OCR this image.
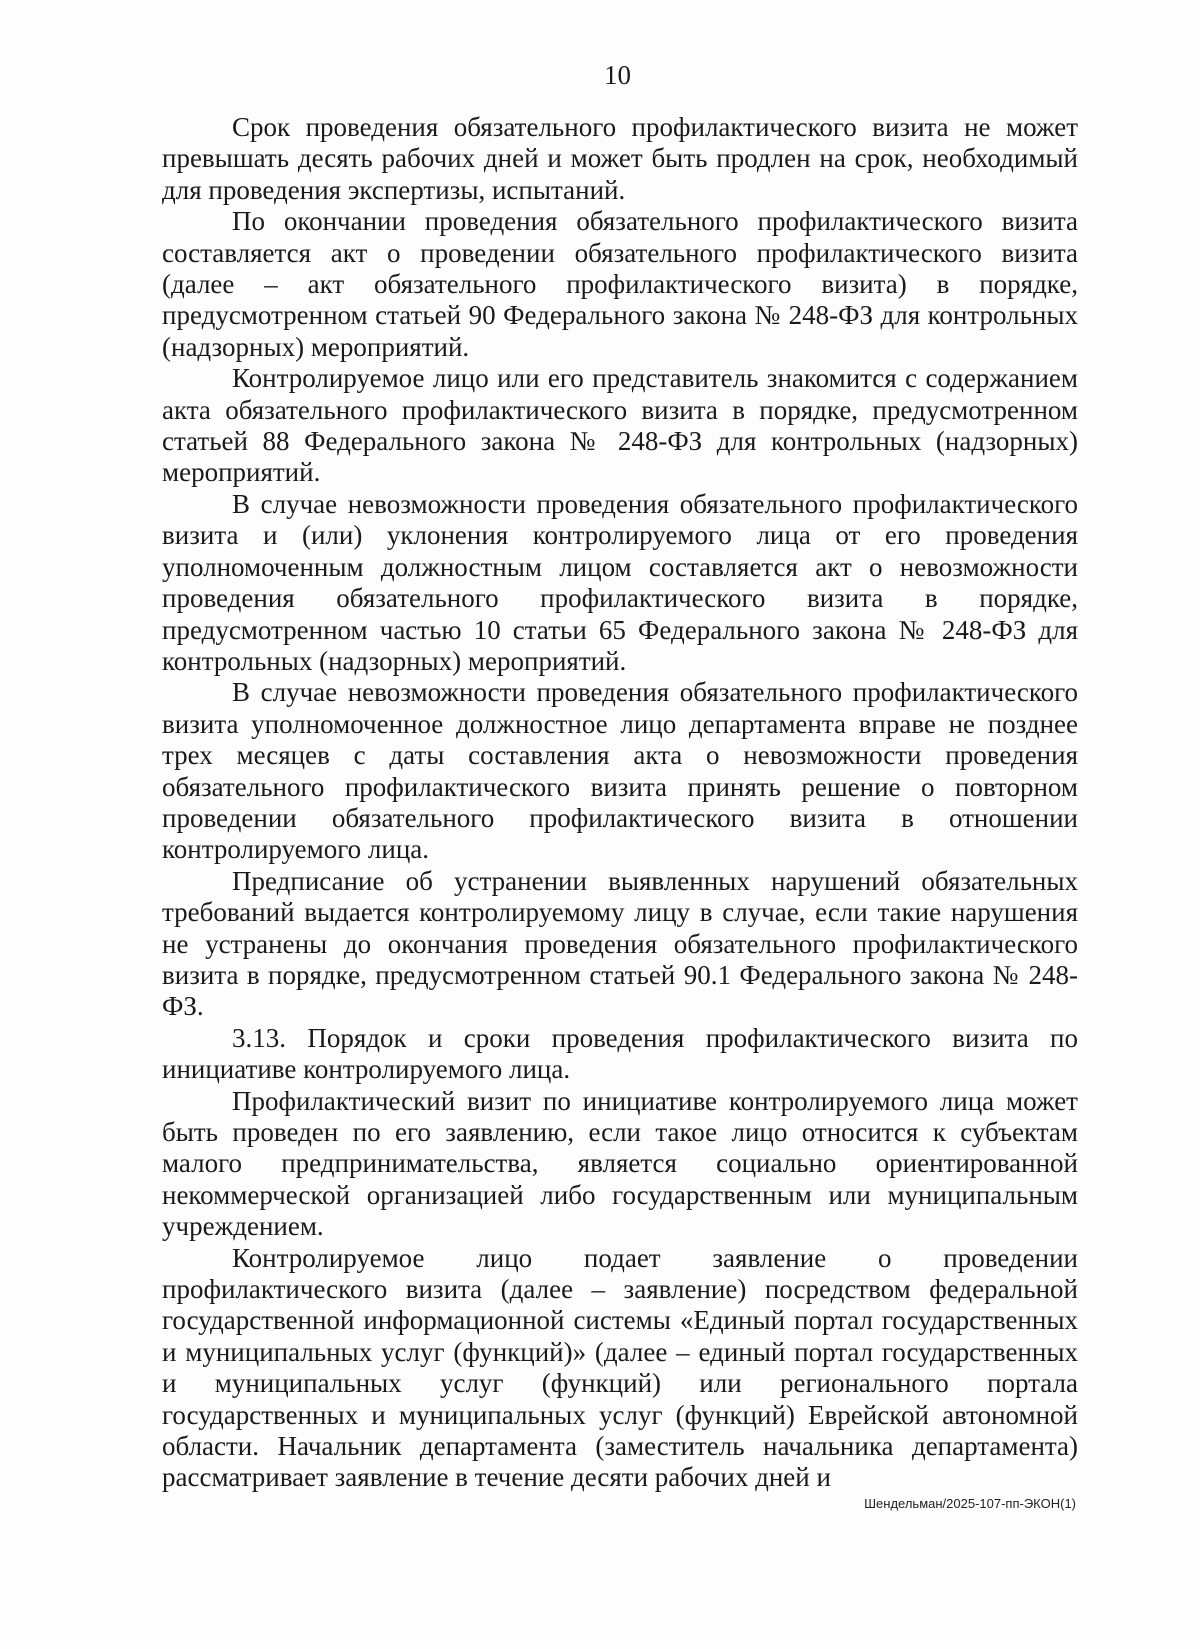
10

Срок проведения обязательного профилактического визита не может превышать десять рабочих дней и может быть продлен на срок, необходимый для проведения экспертизы, испытаний.

По окончании проведения обязательного профилактического визита составляется акт о проведении обязательного профилактического визита (далее – акт обязательного профилактического визита) в порядке, предусмотренном статьей 90 Федерального закона № 248-ФЗ для контрольных (надзорных) мероприятий.

Контролируемое лицо или его представитель знакомится с содержанием акта обязательного профилактического визита в порядке, предусмотренном статьей 88 Федерального закона № 248-ФЗ для контрольных (надзорных) мероприятий.

В случае невозможности проведения обязательного профилактического визита и (или) уклонения контролируемого лица от его проведения уполномоченным должностным лицом составляется акт о невозможности проведения обязательного профилактического визита в порядке, предусмотренном частью 10 статьи 65 Федерального закона № 248-ФЗ для контрольных (надзорных) мероприятий.

В случае невозможности проведения обязательного профилактического визита уполномоченное должностное лицо департамента вправе не позднее трех месяцев с даты составления акта о невозможности проведения обязательного профилактического визита принять решение о повторном проведении обязательного профилактического визита в отношении контролируемого лица.

Предписание об устранении выявленных нарушений обязательных требований выдается контролируемому лицу в случае, если такие нарушения не устранены до окончания проведения обязательного профилактического визита в порядке, предусмотренном статьей 90.1 Федерального закона № 248-ФЗ.

3.13. Порядок и сроки проведения профилактического визита по инициативе контролируемого лица.

Профилактический визит по инициативе контролируемого лица может быть проведен по его заявлению, если такое лицо относится к субъектам малого предпринимательства, является социально ориентированной некоммерческой организацией либо государственным или муниципальным учреждением.

Контролируемое лицо подает заявление о проведении профилактического визита (далее – заявление) посредством федеральной государственной информационной системы «Единый портал государственных и муниципальных услуг (функций)» (далее – единый портал государственных и муниципальных услуг (функций) или регионального портала государственных и муниципальных услуг (функций) Еврейской автономной области. Начальник департамента (заместитель начальника департамента) рассматривает заявление в течение десяти рабочих дней и

Шендельман/2025-107-пп-ЭКОН(1)
